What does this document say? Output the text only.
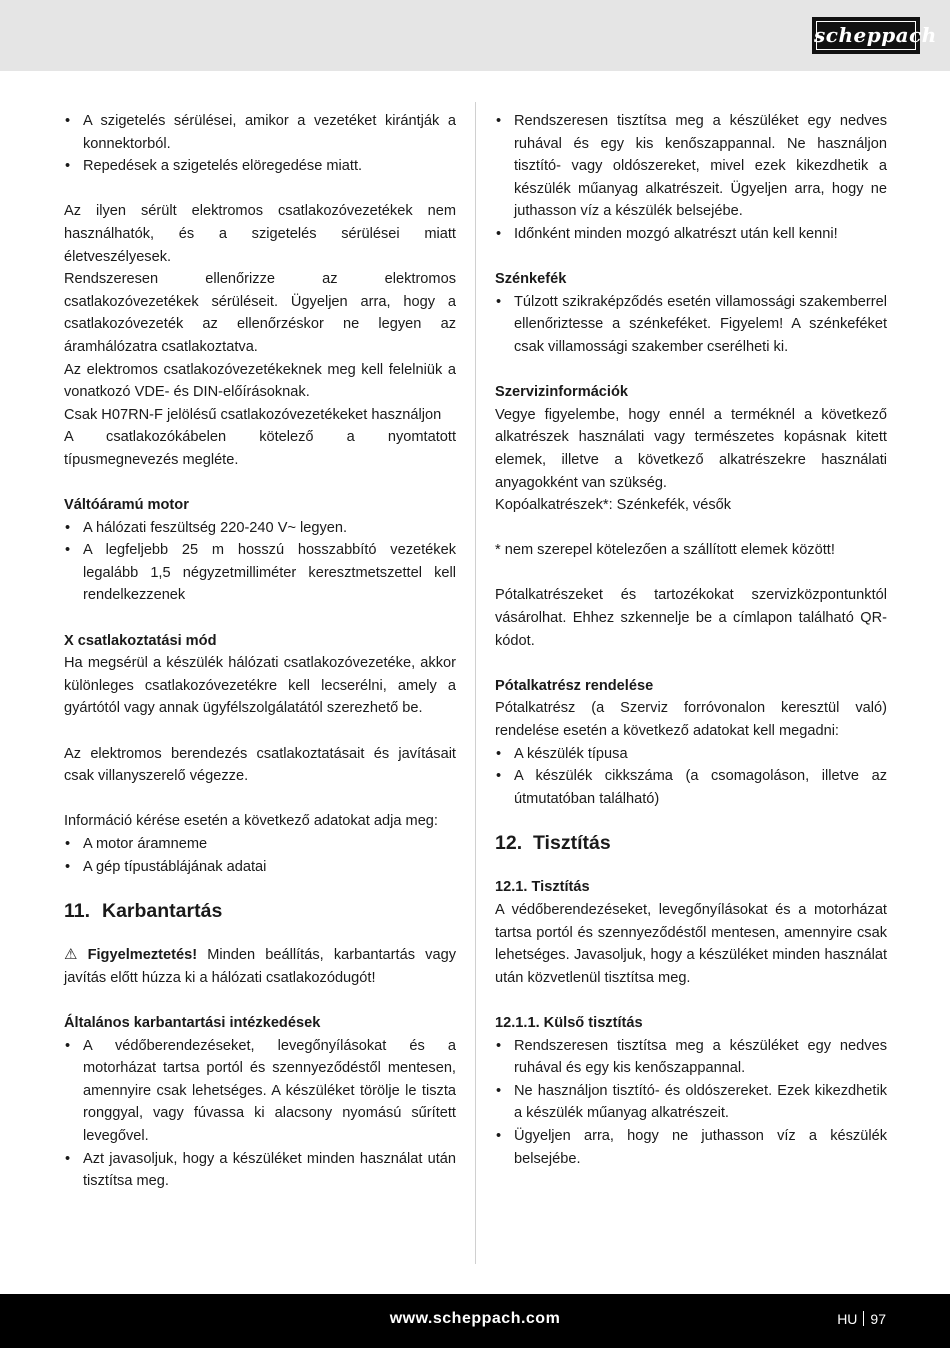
scheppach
• A szigetelés sérülései, amikor a vezetéket kirántják a konnektorból.
• Repedések a szigetelés elöregedése miatt.

Az ilyen sérült elektromos csatlakozóvezetékek nem használhatók, és a szigetelés sérülései miatt életveszélyesek.

Rendszeresen ellenőrizze az elektromos csatlakozóvezetékek sérüléseit. Ügyeljen arra, hogy a csatlakozóvezeték az ellenőrzéskor ne legyen az áramhálózatra csatlakoztatva.

Az elektromos csatlakozóvezetékeknek meg kell felelniük a vonatkozó VDE- és DIN-előírásoknak.

Csak H07RN-F jelölésű csatlakozóvezetékeket használjon

A csatlakozókábelen kötelező a nyomtatott típusmegnevezés megléte.

Váltóáramú motor
• A hálózati feszültség 220-240 V~ legyen.
• A legfeljebb 25 m hosszú hosszabbító vezetékek legalább 1,5 négyzetmilliméter keresztmetszettel kell rendelkezzenek
X csatlakoztatási mód

Ha megsérül a készülék hálózati csatlakozóvezetéke, akkor különleges csatlakozóvezetékre kell lecserélni, amely a gyártótól vagy annak ügyfélszolgálatától szerezhető be.

Az elektromos berendezés csatlakoztatásait és javításait csak villanyszerelő végezze.

Információ kérése esetén a következő adatokat adja meg:

• A motor áramneme
• A gép típustáblájának adatai
11. Karbantartás

⚠ Figyelmeztetés! Minden beállítás, karbantartás vagy javítás előtt húzza ki a hálózati csatlakozódugót!

Általános karbantartási intézkedések
• A védőberendezéseket, levegőnyílásokat és a motorházat tartsa portól és szennyeződéstől mentesen, amennyire csak lehetséges. A készüléket törölje le tiszta ronggyal, vagy fúvassa ki alacsony nyomású sűrített levegővel.
• Azt javasoljuk, hogy a készüléket minden használat után tisztítsa meg.
• Rendszeresen tisztítsa meg a készüléket egy nedves ruhával és egy kis kenőszappannal. Ne használjon tisztító- vagy oldószereket, mivel ezek kikezdhetik a készülék műanyag alkatrészeit. Ügyeljen arra, hogy ne juthasson víz a készülék belsejébe.
• Időnként minden mozgó alkatrészt után kell kenni!
Szénkefék
• Túlzott szikraképződés esetén villamossági szakemberrel ellenőriztesse a szénkeféket. Figyelem! A szénkeféket csak villamossági szakember cserélheti ki.
Szervizinformációk

Vegye figyelembe, hogy ennél a terméknél a következő alkatrészek használati vagy természetes kopásnak kitett elemek, illetve a következő alkatrészekre használati anyagokként van szükség.

Kopóalkatrészek*: Szénkefék, vésők

* nem szerepel kötelezően a szállított elemek között!

Pótalkatrészeket és tartozékokat szervizközpontunktól vásárolhat. Ehhez szkennelje be a címlapon található QR-kódot.

Pótalkatrész rendelése

Pótalkatrész (a Szerviz forróvonalon keresztül való) rendelése esetén a következő adatokat kell megadni:

• A készülék típusa
• A készülék cikkszáma (a csomagoláson, illetve az útmutatóban található)
12. Tisztítás
12.1. Tisztítás

A védőberendezéseket, levegőnyílásokat és a motorházat tartsa portól és szennyeződéstől mentesen, amennyire csak lehetséges. Javasoljuk, hogy a készüléket minden használat után közvetlenül tisztítsa meg.

12.1.1. Külső tisztítás
• Rendszeresen tisztítsa meg a készüléket egy nedves ruhával és egy kis kenőszappannal.
• Ne használjon tisztító- és oldószereket. Ezek kikezdhetik a készülék műanyag alkatrészeit.
• Ügyeljen arra, hogy ne juthasson víz a készülék belsejébe.
www.scheppach.com	HU 97
